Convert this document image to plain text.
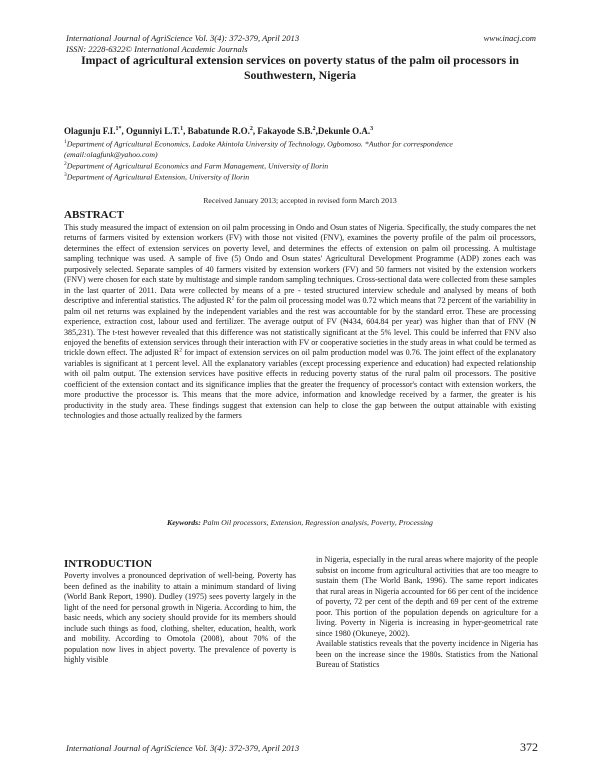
International Journal of AgriScience Vol. 3(4): 372-379, April 2013	www.inacj.com
ISSN: 2228-6322© International Academic Journals
Impact of agricultural extension services on poverty status of the palm oil processors in Southwestern, Nigeria
Olagunju F.I.$^{1*}$, Ogunniyi L.T.$^1$, Babatunde R.O.$^2$, Fakayode S.B.$^2$,Dekunle O.A.$^3$
$^1$Department of Agricultural Economics, Ladoke Akintola University of Technology, Ogbomoso. *Author for correspondence (email:olagfunk@yahoo.com)
$^2$Department of Agricultural Economics and Farm Management, University of Ilorin
$^3$Department of Agricultural Extension, University of Ilorin
Received January 2013; accepted in revised form March 2013
ABSTRACT

This study measured the impact of extension on oil palm processing in Ondo and Osun states of Nigeria. Specifically, the study compares the net returns of farmers visited by extension workers (FV) with those not visited (FNV), examines the poverty profile of the palm oil processors, determines the effect of extension services on poverty level, and determines the effects of extension on palm oil processing. A multistage sampling technique was used. A sample of five (5) Ondo and Osun states' Agricultural Development Programme (ADP) zones each was purposively selected. Separate samples of 40 farmers visited by extension workers (FV) and 50 farmers not visited by the extension workers (FNV) were chosen for each state by multistage and simple random sampling techniques. Cross-sectional data were collected from these samples in the last quarter of 2011. Data were collected by means of a pre - tested structured interview schedule and analysed by means of both descriptive and inferential statistics. The adjusted $R^2$ for the palm oil processing model was 0.72 which means that 72 percent of the variability in palm oil net returns was explained by the independent variables and the rest was accountable for by the standard error. These are processing experience, extraction cost, labour used and fertilizer. The average output of FV (₦434, 604.84 per year) was higher than that of FNV (₦ 385,231). The t-test however revealed that this difference was not statistically significant at the 5% level. This could be inferred that FNV also enjoyed the benefits of extension services through their interaction with FV or cooperative societies in the study areas in what could be termed as trickle down effect. The adjusted $R^2$ for impact of extension services on oil palm production model was 0.76. The joint effect of the explanatory variables is significant at 1 percent level. All the explanatory variables (except processing experience and education) had expected relationship with oil palm output. The extension services have positive effects in reducing poverty status of the rural palm oil processors. The positive coefficient of the extension contact and its significance implies that the greater the frequency of processor's contact with extension workers, the more productive the processor is. This means that the more advice, information and knowledge received by a farmer, the greater is his productivity in the study area. These findings suggest that extension can help to close the gap between the output attainable with existing technologies and those actually realized by the farmers

Keywords: Palm Oil processors, Extension, Regression analysis, Poverty, Processing
INTRODUCTION

Poverty involves a pronounced deprivation of well-being. Poverty has been defined as the inability to attain a minimum standard of living (World Bank Report, 1990). Dudley (1975) sees poverty largely in the light of the need for personal growth in Nigeria. According to him, the basic needs, which any society should provide for its members should include such things as food, clothing, shelter, education, health, work and mobility. According to Omotola (2008), about 70% of the population now lives in abject poverty. The prevalence of poverty is highly visible

in Nigeria, especially in the rural areas where majority of the people subsist on income from agricultural activities that are too meagre to sustain them (The World Bank, 1996). The same report indicates that rural areas in Nigeria accounted for 66 per cent of the incidence of poverty, 72 per cent of the depth and 69 per cent of the extreme poor. This portion of the population depends on agriculture for a living. Poverty in Nigeria is increasing in hyper-geometrical rate since 1980 (Okuneye, 2002).
Available statistics reveals that the poverty incidence in Nigeria has been on the increase since the 1980s. Statistics from the National Bureau of Statistics
International Journal of AgriScience Vol. 3(4): 372-379, April 2013	372
